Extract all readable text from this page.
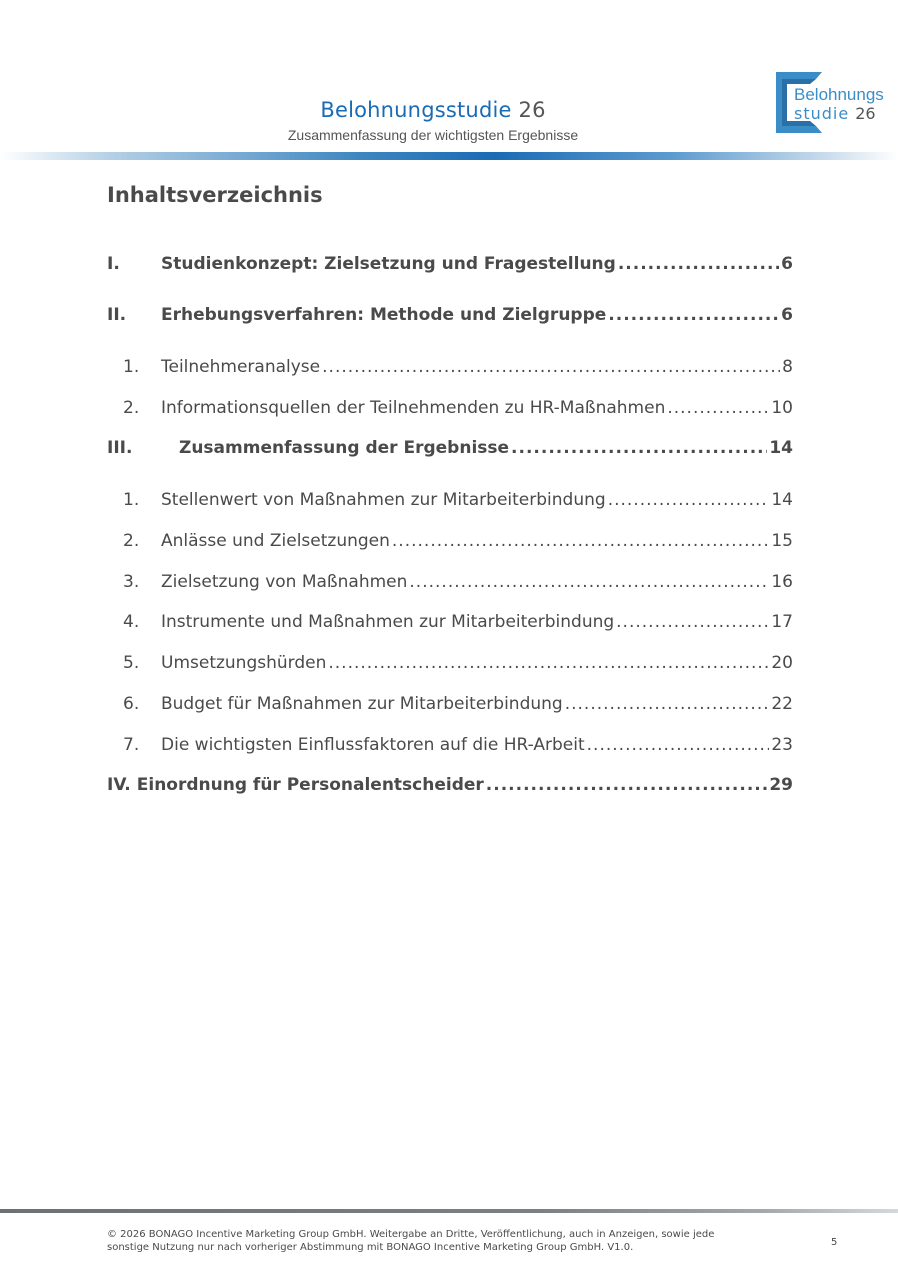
Belohnungsstudie 26
Zusammenfassung der wichtigsten Ergebnisse
Belohnungs
studie 26
Inhaltsverzeichnis
I.	Studienkonzept: Zielsetzung und Fragestellung .....	6
II.	Erhebungsverfahren: Methode und Zielgruppe .....	6
1.	Teilnehmeranalyse .....	8
2.	Informationsquellen der Teilnehmenden zu HR-Maßnahmen .....	10
III.	Zusammenfassung der Ergebnisse .....	14
1.	Stellenwert von Maßnahmen zur Mitarbeiterbindung .....	14
2.	Anlässe und Zielsetzungen .....	15
3.	Zielsetzung von Maßnahmen .....	16
4.	Instrumente und Maßnahmen zur Mitarbeiterbindung .....	17
5.	Umsetzungshürden .....	20
6.	Budget für Maßnahmen zur Mitarbeiterbindung .....	22
7.	Die wichtigsten Einflussfaktoren auf die HR-Arbeit .....	23
IV. Einordnung für Personalentscheider .....	29
© 2026 BONAGO Incentive Marketing Group GmbH. Weitergabe an Dritte, Veröffentlichung, auch in Anzeigen, sowie jede
sonstige Nutzung nur nach vorheriger Abstimmung mit BONAGO Incentive Marketing Group GmbH. V1.0.	5
